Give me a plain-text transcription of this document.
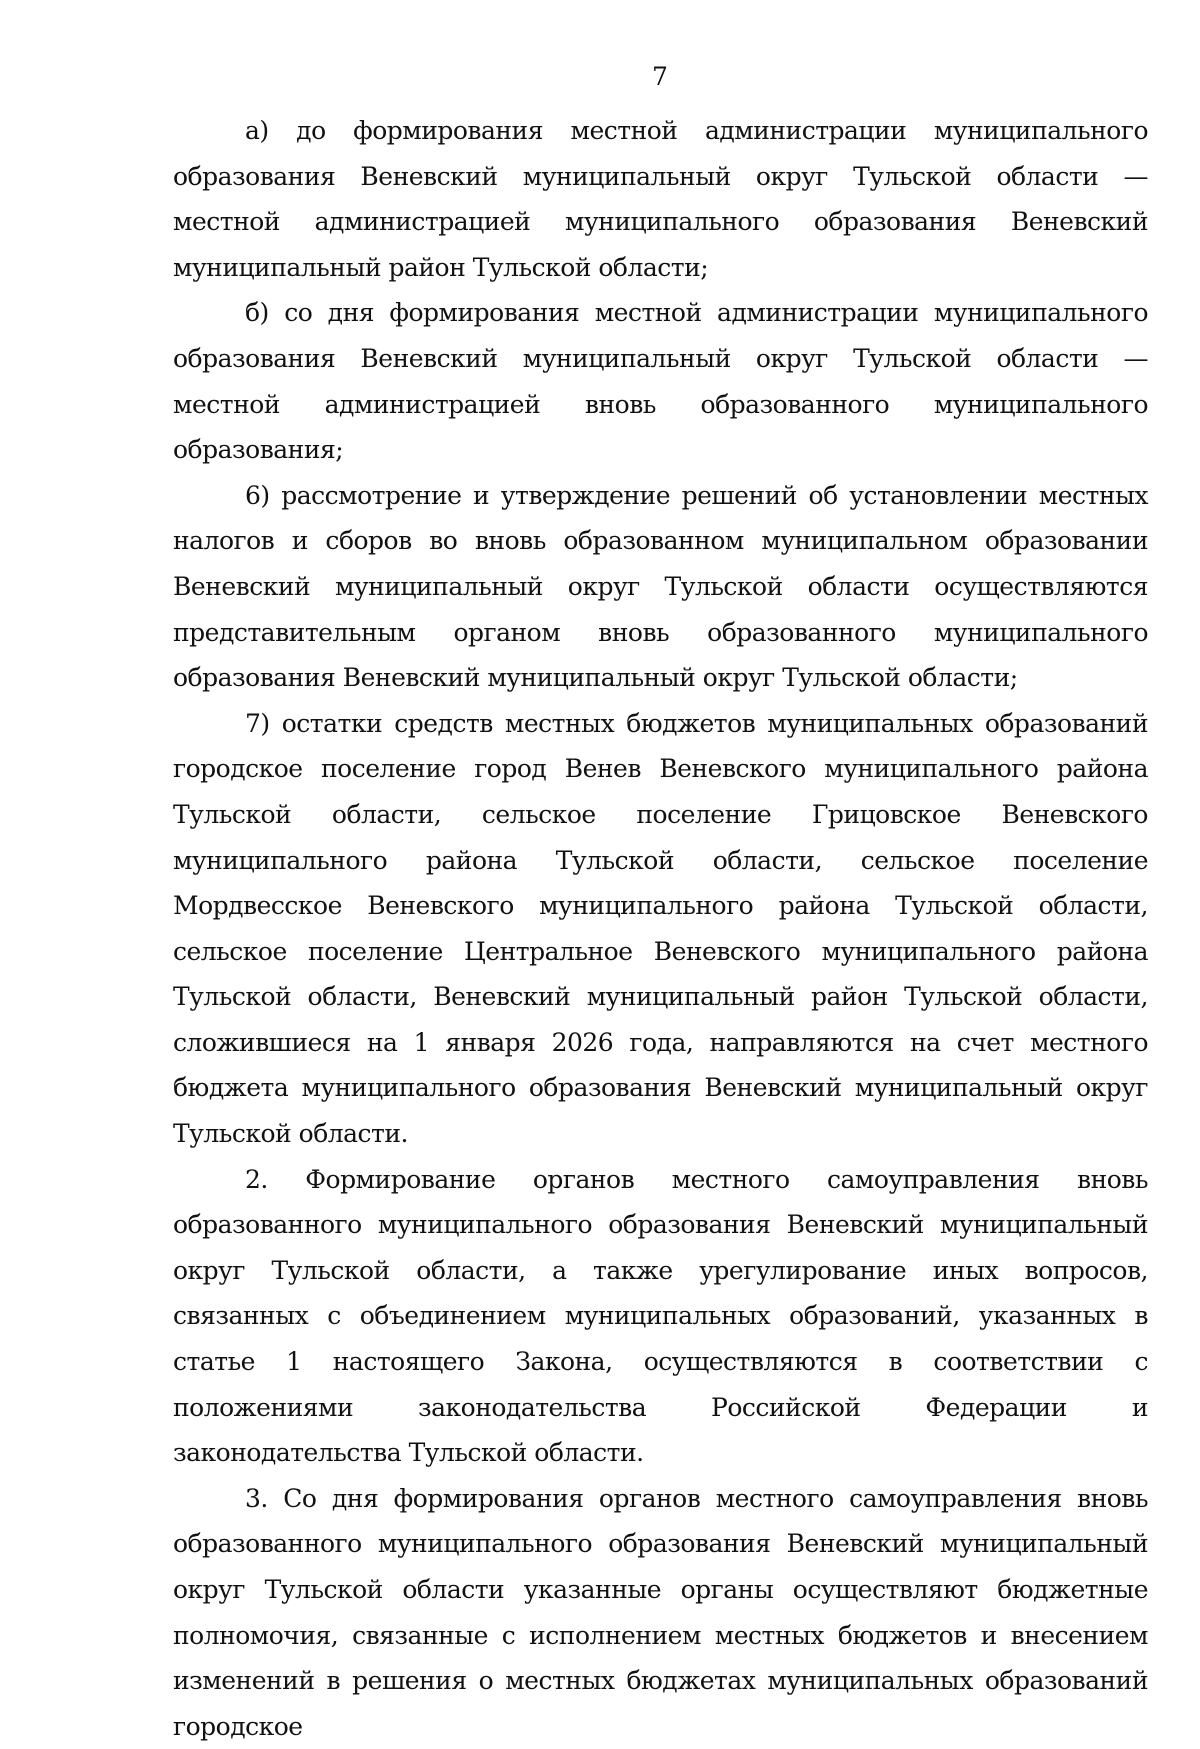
7

а) до формирования местной администрации муниципального образования Веневский муниципальный округ Тульской области — местной администрацией муниципального образования Веневский муниципальный район Тульской области;

б) со дня формирования местной администрации муниципального образования Веневский муниципальный округ Тульской области — местной администрацией вновь образованного муниципального образования;

6) рассмотрение и утверждение решений об установлении местных налогов и сборов во вновь образованном муниципальном образовании Веневский муниципальный округ Тульской области осуществляются представительным органом вновь образованного муниципального образования Веневский муниципальный округ Тульской области;

7) остатки средств местных бюджетов муниципальных образований городское поселение город Венев Веневского муниципального района Тульской области, сельское поселение Грицовское Веневского муниципального района Тульской области, сельское поселение Мордвесское Веневского муниципального района Тульской области, сельское поселение Центральное Веневского муниципального района Тульской области, Веневский муниципальный район Тульской области, сложившиеся на 1 января 2026 года, направляются на счет местного бюджета муниципального образования Веневский муниципальный округ Тульской области.

2. Формирование органов местного самоуправления вновь образованного муниципального образования Веневский муниципальный округ Тульской области, а также урегулирование иных вопросов, связанных с объединением муниципальных образований, указанных в статье 1 настоящего Закона, осуществляются в соответствии с положениями законодательства Российской	Федерации и законодательства Тульской области.

3. Со дня формирования органов местного самоуправления вновь образованного муниципального образования Веневский муниципальный округ Тульской области указанные органы осуществляют бюджетные полномочия, связанные с исполнением местных бюджетов и внесением изменений в решения о местных бюджетах муниципальных образований городское
